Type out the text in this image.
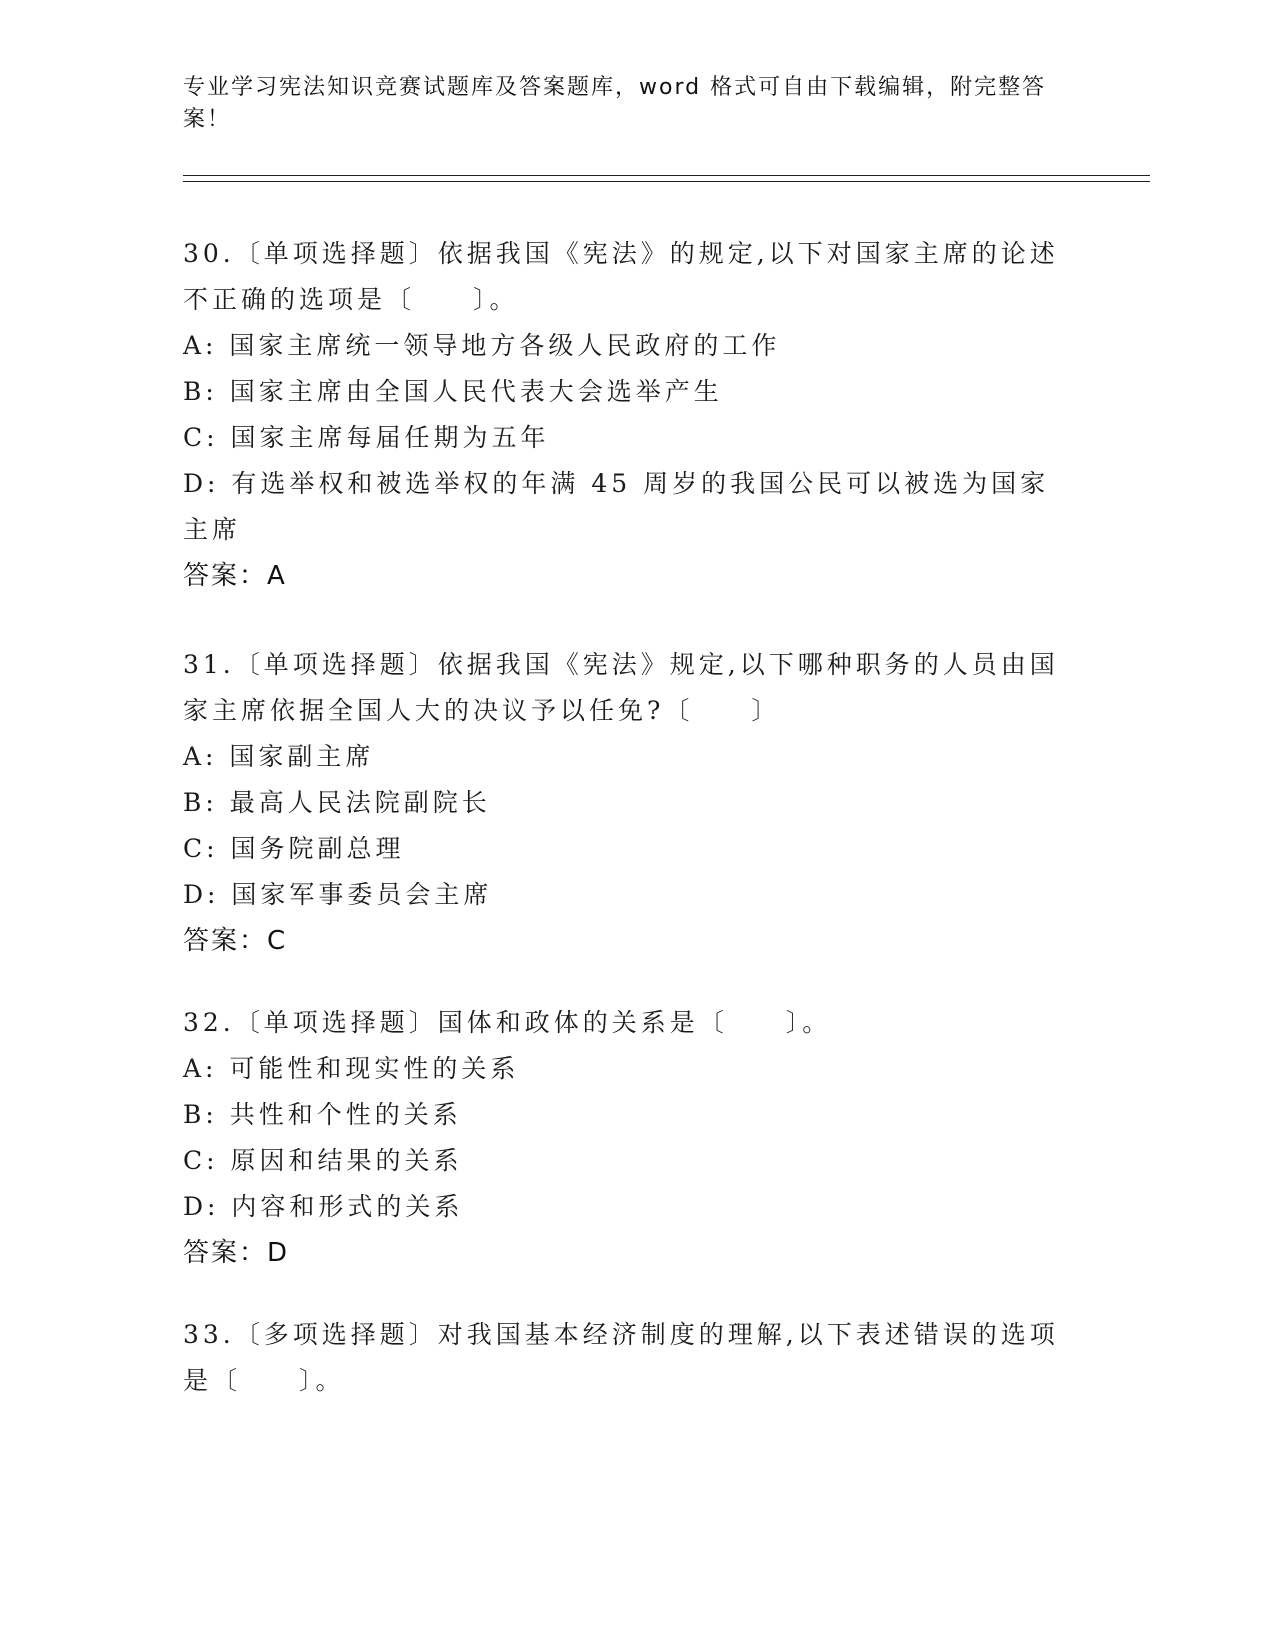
专业学习宪法知识竞赛试题库及答案题库，word 格式可自由下载编辑，附完整答案！

30.〔单项选择题〕依据我国《宪法》的规定,以下对国家主席的论述不正确的选项是〔　　〕。

A: 国家主席统一领导地方各级人民政府的工作

B: 国家主席由全国人民代表大会选举产生

C: 国家主席每届任期为五年

D: 有选举权和被选举权的年满 45 周岁的我国公民可以被选为国家主席

答案：A

31.〔单项选择题〕依据我国《宪法》规定,以下哪种职务的人员由国家主席依据全国人大的决议予以任免?〔　　〕

A: 国家副主席

B: 最高人民法院副院长

C: 国务院副总理

D: 国家军事委员会主席

答案：C

32.〔单项选择题〕国体和政体的关系是〔　　〕。

A: 可能性和现实性的关系

B: 共性和个性的关系

C: 原因和结果的关系

D: 内容和形式的关系

答案：D

33.〔多项选择题〕对我国基本经济制度的理解,以下表述错误的选项是〔　　〕。
